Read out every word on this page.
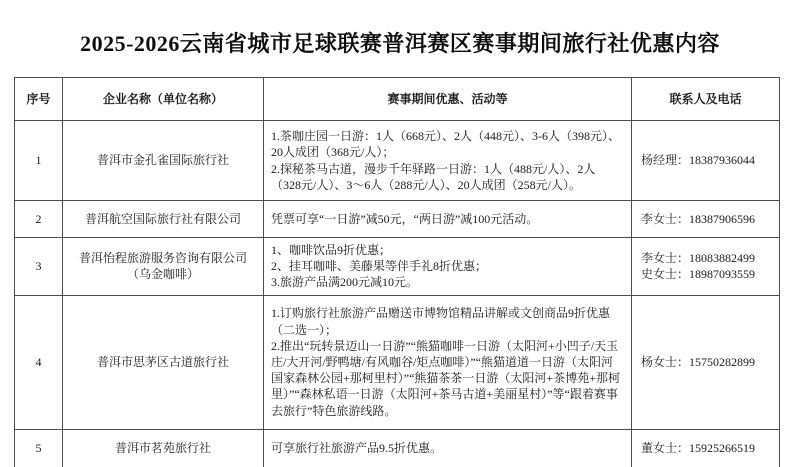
2025-2026云南省城市足球联赛普洱赛区赛事期间旅行社优惠内容
序号	企业名称（单位名称）	赛事期间优惠、活动等	联系人及电话
1	普洱市金孔雀国际旅行社	1.茶咖庄园一日游：1人（668元）、2人（448元）、3-6人（398元）、20人成团（368元/人）；
2.探秘茶马古道，漫步千年驿路一日游：1人（488元/人）、2人（328元/人）、3～6人（288元/人）、20人成团（258元/人）。	杨经理：18387936044

2	普洱航空国际旅行社有限公司	凭票可享“一日游”减50元，“两日游”减100元活动。	李女士：18387906596

3	普洱怡程旅游服务咨询有限公司
（乌金咖啡）	1、咖啡饮品9折优惠；
2、挂耳咖啡、美藤果等伴手礼8折优惠；
3.旅游产品满200元减10元。	李女士：18083882499
史女士：18987093559

4	普洱市思茅区古道旅行社	1.订购旅行社旅游产品赠送市博物馆精品讲解或文创商品9折优惠（二选一）；
2.推出“玩转景迈山一日游”“熊猫咖啡一日游（太阳河+小凹子/天玉庄/大开河/野鸭塘/有风咖谷/矩点咖啡）”“熊猫道道一日游（太阳河国家森林公园+那柯里村）”“熊猫茶茶一日游（太阳河+茶博苑+那柯里）”“森林私语一日游（太阳河+茶马古道+美丽星村）”等“跟着赛事去旅行”特色旅游线路。	杨女士：15750282899

5	普洱市茗苑旅行社	可享旅行社旅游产品9.5折优惠。	董女士：15925266519
